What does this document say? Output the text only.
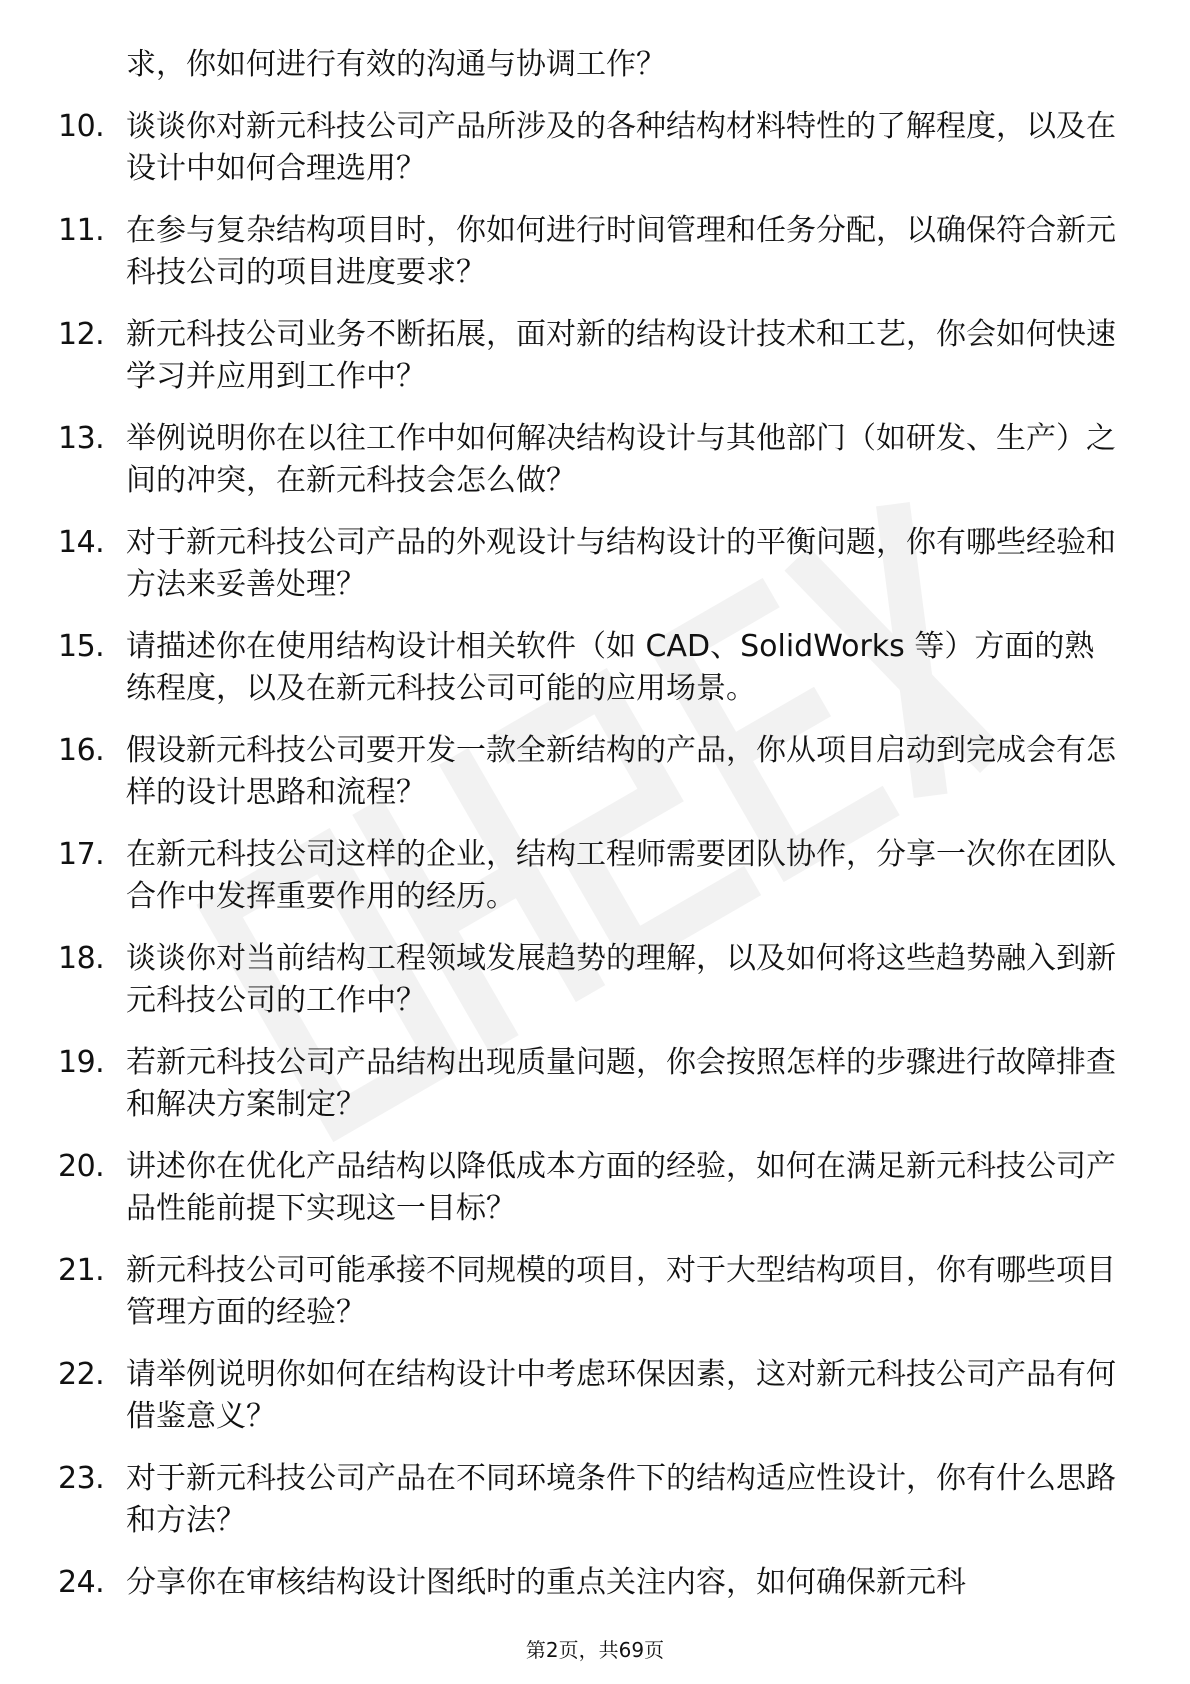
求，你如何进行有效的沟通与协调工作？
10. 谈谈你对新元科技公司产品所涉及的各种结构材料特性的了解程度，以及在设计中如何合理选用？
11. 在参与复杂结构项目时，你如何进行时间管理和任务分配，以确保符合新元科技公司的项目进度要求？
12. 新元科技公司业务不断拓展，面对新的结构设计技术和工艺，你会如何快速学习并应用到工作中？
13. 举例说明你在以往工作中如何解决结构设计与其他部门（如研发、生产）之间的冲突，在新元科技会怎么做？
14. 对于新元科技公司产品的外观设计与结构设计的平衡问题，你有哪些经验和方法来妥善处理？
15. 请描述你在使用结构设计相关软件（如 CAD、SolidWorks 等）方面的熟练程度，以及在新元科技公司可能的应用场景。
16. 假设新元科技公司要开发一款全新结构的产品，你从项目启动到完成会有怎样的设计思路和流程？
17. 在新元科技公司这样的企业，结构工程师需要团队协作，分享一次你在团队合作中发挥重要作用的经历。
18. 谈谈你对当前结构工程领域发展趋势的理解，以及如何将这些趋势融入到新元科技公司的工作中？
19. 若新元科技公司产品结构出现质量问题，你会按照怎样的步骤进行故障排查和解决方案制定？
20. 讲述你在优化产品结构以降低成本方面的经验，如何在满足新元科技公司产品性能前提下实现这一目标？
21. 新元科技公司可能承接不同规模的项目，对于大型结构项目，你有哪些项目管理方面的经验？
22. 请举例说明你如何在结构设计中考虑环保因素，这对新元科技公司产品有何借鉴意义？
23. 对于新元科技公司产品在不同环境条件下的结构适应性设计，你有什么思路和方法？
24. 分享你在审核结构设计图纸时的重点关注内容，如何确保新元科
第2页，共69页
